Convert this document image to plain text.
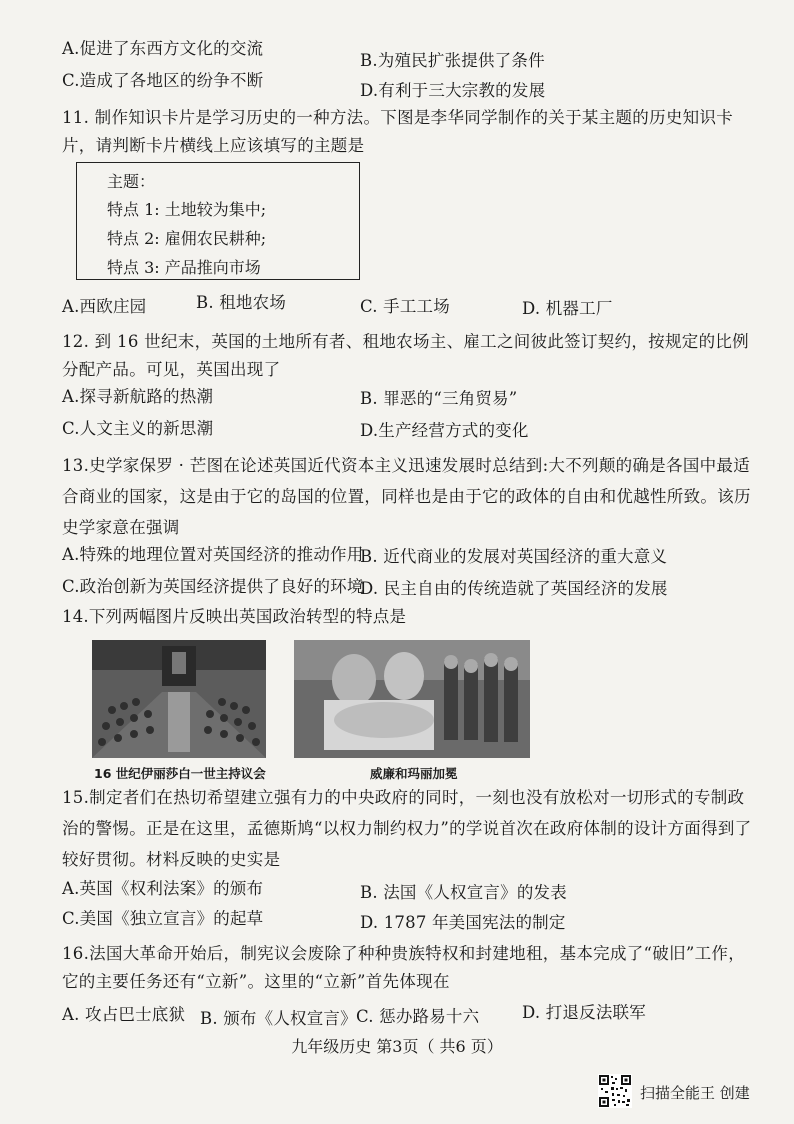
A.促进了东西方文化的交流
B.为殖民扩张提供了条件
C.造成了各地区的纷争不断
D.有利于三大宗教的发展
11. 制作知识卡片是学习历史的一种方法。下图是李华同学制作的关于某主题的历史知识卡 片，请判断卡片横线上应该填写的主题是
主题：
特点 1: 土地较为集中;
特点 2: 雇佣农民耕种;
特点 3: 产品推向市场
A.西欧庄园	B. 租地农场	C. 手工工场	D. 机器工厂
12. 到 16 世纪末，英国的土地所有者、租地农场主、雇工之间彼此签订契约，按规定的比例分配产品。可见，英国出现了
A.探寻新航路的热潮	B. 罪恶的“三角贸易”
C.人文主义的新思潮	D.生产经营方式的变化
13.史学家保罗 · 芒图在论述英国近代资本主义迅速发展时总结到:大不列颠的确是各国中最适合商业的国家，这是由于它的岛国的位置，同样也是由于它的政体的自由和优越性所致。该历史学家意在强调
A.特殊的地理位置对英国经济的推动作用
B. 近代商业的发展对英国经济的重大意义
C.政治创新为英国经济提供了良好的环境
D. 民主自由的传统造就了英国经济的发展
14.下列两幅图片反映出英国政治转型的特点是
16 世纪伊丽莎白一世主持议会	威廉和玛丽加冕
15.制定者们在热切希望建立强有力的中央政府的同时，一刻也没有放松对一切形式的专制政治的警惕。正是在这里，孟德斯鸠“以权力制约权力”的学说首次在政府体制的设计方面得到了较好贯彻。材料反映的史实是
A.英国《权利法案》的颁布	B. 法国《人权宣言》的发表
C.美国《独立宣言》的起草	D. 1787 年美国宪法的制定
16.法国大革命开始后，制宪议会废除了种种贵族特权和封建地租，基本完成了“破旧”工作，它的主要任务还有“立新”。这里的“立新”首先体现在
A. 攻占巴士底狱 B. 颁布《人权宣言》 C. 惩办路易十六	D. 打退反法联军
九年级历史 第3页（ 共6 页）
扫描全能王 创建
